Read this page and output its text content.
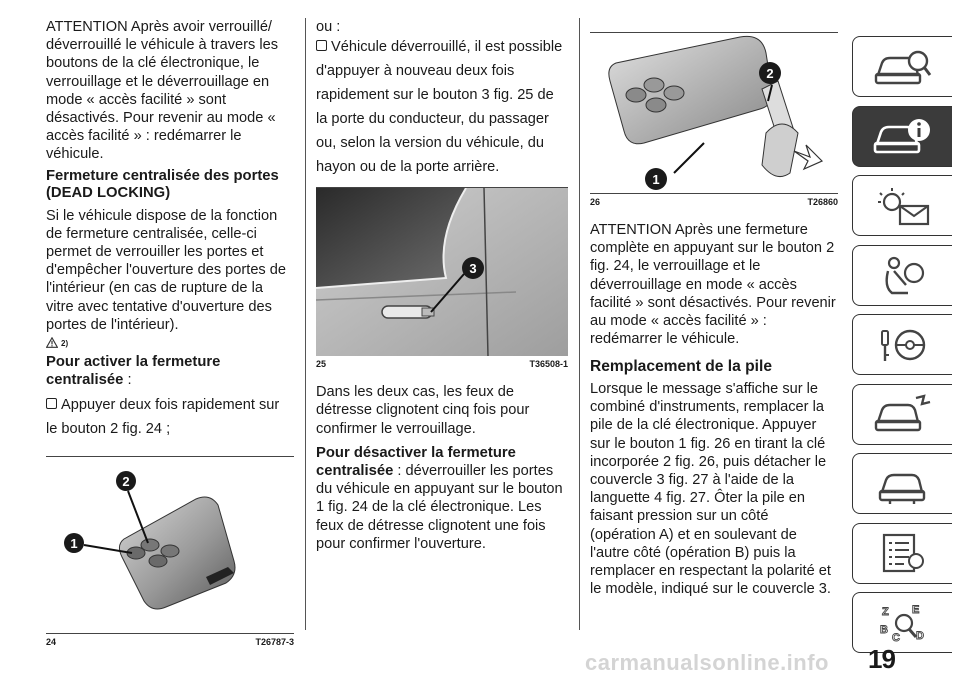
ATTENTION Après avoir verrouillé/ déverrouillé le véhicule à travers les boutons de la clé électronique, le verrouillage et le déverrouillage en mode « accès facilité » sont désactivés. Pour revenir au mode « accès facilité » : redémarrer le véhicule.

Fermeture centralisée des portes (DEAD LOCKING)

Si le véhicule dispose de la fonction de fermeture centralisée, celle-ci permet de verrouiller les portes et d'empêcher l'ouverture des portes de l'intérieur (en cas de rupture de la vitre avec tentative d'ouverture des portes de l'intérieur).

2)
Pour activer la fermeture centralisée :

Appuyer deux fois rapidement sur le bouton 2 fig. 24 ;

1
2
24	T26787-3

ou :

Véhicule déverrouillé, il est possible d'appuyer à nouveau deux fois rapidement sur le bouton 3 fig. 25 de la porte du conducteur, du passager ou, selon la version du véhicule, du hayon ou de la porte arrière.

3
25	T36508-1

Dans les deux cas, les feux de détresse clignotent cinq fois pour confirmer le verrouillage.

Pour désactiver la fermeture centralisée : déverrouiller les portes du véhicule en appuyant sur le bouton 1 fig. 24 de la clé électronique. Les feux de détresse clignotent une fois pour confirmer l'ouverture.

1
2
26	T26860

ATTENTION Après une fermeture complète en appuyant sur le bouton 2 fig. 24, le verrouillage et le déverrouillage en mode « accès facilité » sont désactivés. Pour revenir au mode « accès facilité » : redémarrer le véhicule.

Remplacement de la pile

Lorsque le message s'affiche sur le combiné d'instruments, remplacer la pile de la clé électronique. Appuyer sur le bouton 1 fig. 26 en tirant la clé incorporée 2 fig. 26, puis détacher le couvercle 3 fig. 27 à l'aide de la languette 4 fig. 27. Ôter la pile en faisant pression sur un côté (opération A) et en soulevant de l'autre côté (opération B) puis la remplacer en respectant la polarité et le modèle, indiqué sur le couvercle 3.

Z E
B
C D
19
carmanualsonline.info
